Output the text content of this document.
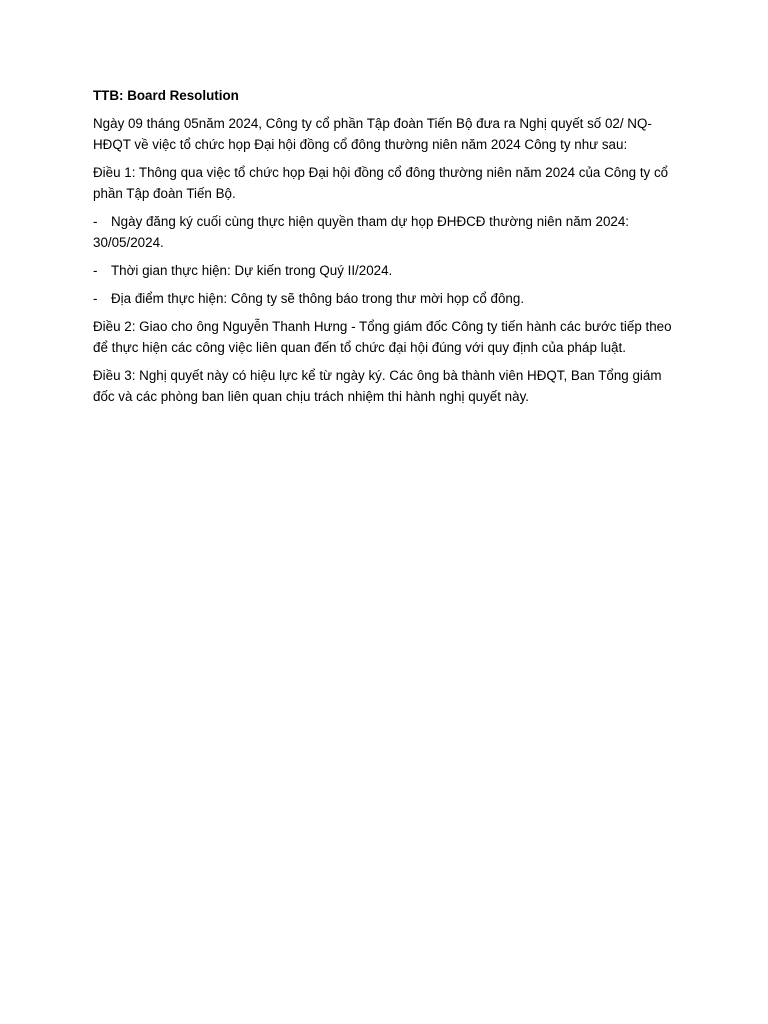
TTB: Board Resolution
Ngày 09 tháng 05năm 2024, Công ty cổ phần Tập đoàn Tiến Bộ đưa ra Nghị quyết số 02/ NQ-HĐQT về việc tổ chức họp Đại hội đồng cổ đông thường niên năm 2024 Công ty như sau:
Điều 1: Thông qua việc tổ chức họp Đại hội đồng cổ đông thường niên năm 2024 của Công ty cổ phần Tập đoàn Tiến Bộ.
- Ngày đăng ký cuối cùng thực hiện quyền tham dự họp ĐHĐCĐ thường niên năm 2024: 30/05/2024.
-	Thời gian thực hiện: Dự kiến trong Quý II/2024.
-	Địa điểm thực hiện: Công ty sẽ thông báo trong thư mời họp cổ đông.
Điều 2: Giao cho ông Nguyễn Thanh Hưng - Tổng giám đốc Công ty tiến hành các bước tiếp theo để thực hiện các công việc liên quan đến tổ chức đại hội đúng với quy định của pháp luật.
Điều 3: Nghị quyết này có hiệu lực kể từ ngày ký. Các ông bà thành viên HĐQT, Ban Tổng giám đốc và các phòng ban liên quan chịu trách nhiệm thi hành nghị quyết này.
